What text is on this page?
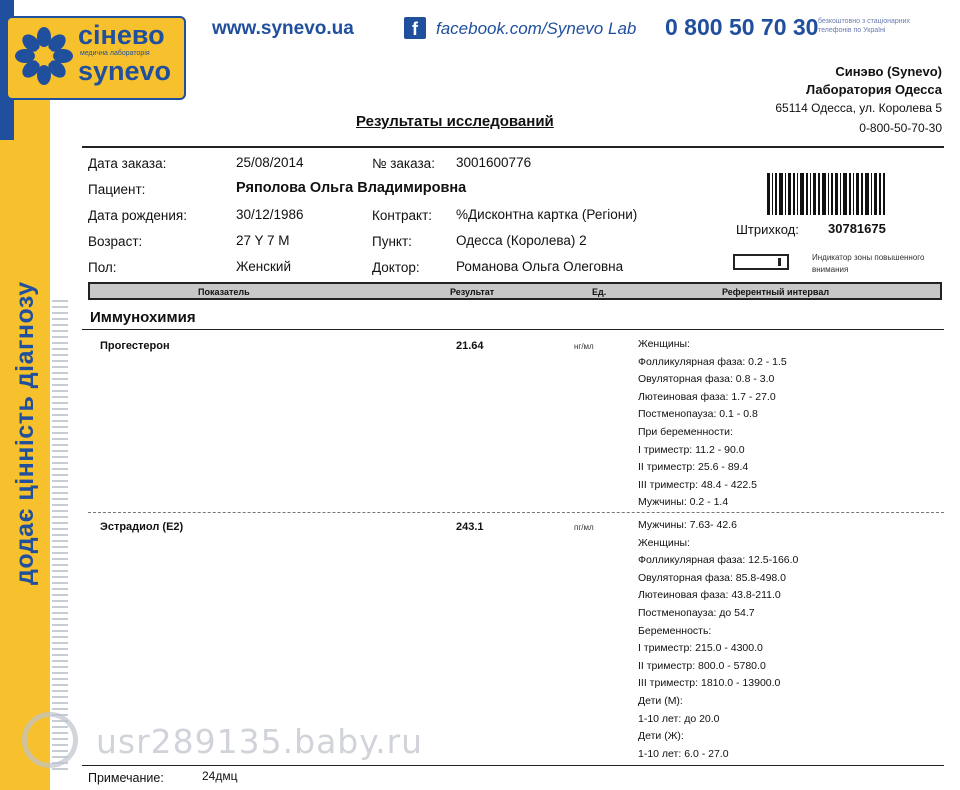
додає цінність діагнозу
сінево
медична лабораторія
synevo
www.synevo.ua	f	facebook.com/Synevo Lab 0 800 50 70 30 безкоштовно з стаціонарних телефонів по Україні
Синэво (Synevo)
Лаборатория Одесса
65114 Одесса, ул. Королева 5
0-800-50-70-30
Результаты исследований
Дата заказа:	25/08/2014	№ заказа: 3001600776
Пациент:	Ряполова Ольга Владимировна
Дата рождения:	30/12/1986	Контракт: %Дисконтна картка (Регіони)
Возраст:	27 Y 7 M	Пункт:	Одесса (Королева) 2
Пол:	Женский	Доктор:	Романова Ольга Олеговна
Штрихкод: 30781675
Индикатор зоны повышенного внимания
Показатель	Результат	Ед.	Референтный интервал
Иммунохимия
Прогестерон	21.64	нг/мл	Женщины:
Фолликулярная фаза: 0.2 - 1.5
Овуляторная фаза: 0.8 - 3.0
Лютеиновая фаза: 1.7 - 27.0
Постменопауза: 0.1 - 0.8
При беременности:
I триместр: 11.2 - 90.0
II триместр: 25.6 - 89.4
III триместр: 48.4 - 422.5
Мужчины: 0.2 - 1.4
Эстрадиол (Е2)	243.1	пг/мл	Мужчины: 7.63- 42.6
Женщины:
Фолликулярная фаза: 12.5-166.0
Овуляторная фаза: 85.8-498.0
Лютеиновая фаза: 43.8-211.0
Постменопауза: до 54.7
Беременность:
I триместр: 215.0 - 4300.0
II триместр: 800.0 - 5780.0
III триместр: 1810.0 - 13900.0
Дети (М):
1-10 лет: до 20.0
Дети (Ж):
1-10 лет: 6.0 - 27.0
Примечание:	24дмц
usr289135.baby.ru
